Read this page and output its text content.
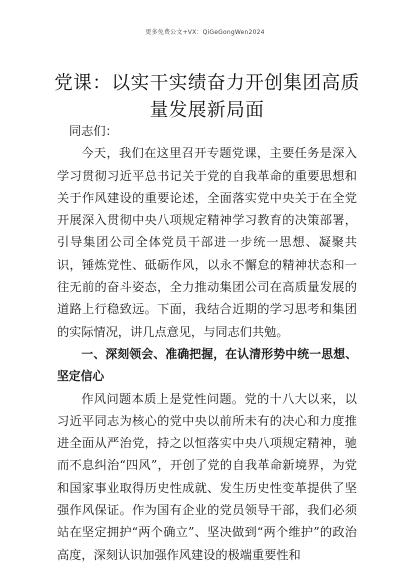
更多免费公文+VX：QiGeGongWen2024
党课：以实干实绩奋力开创集团高质量发展新局面

同志们：

今天，我们在这里召开专题党课，主要任务是深入学习贯彻习近平总书记关于党的自我革命的重要思想和关于作风建设的重要论述，全面落实党中央关于在全党开展深入贯彻中央八项规定精神学习教育的决策部署，引导集团公司全体党员干部进一步统一思想、凝聚共识，锤炼党性、砥砺作风，以永不懈怠的精神状态和一往无前的奋斗姿态，全力推动集团公司在高质量发展的道路上行稳致远。下面，我结合近期的学习思考和集团的实际情况，讲几点意见，与同志们共勉。

一、深刻领会、准确把握，在认清形势中统一思想、坚定信心

作风问题本质上是党性问题。党的十八大以来，以习近平同志为核心的党中央以前所未有的决心和力度推进全面从严治党，持之以恒落实中央八项规定精神，驰而不息纠治“四风”，开创了党的自我革命新境界，为党和国家事业取得历史性成就、发生历史性变革提供了坚强作风保证。作为国有企业的党员领导干部，我们必须站在坚定拥护“两个确立”、坚决做到“两个维护”的政治高度，深刻认识加强作风建设的极端重要性和
